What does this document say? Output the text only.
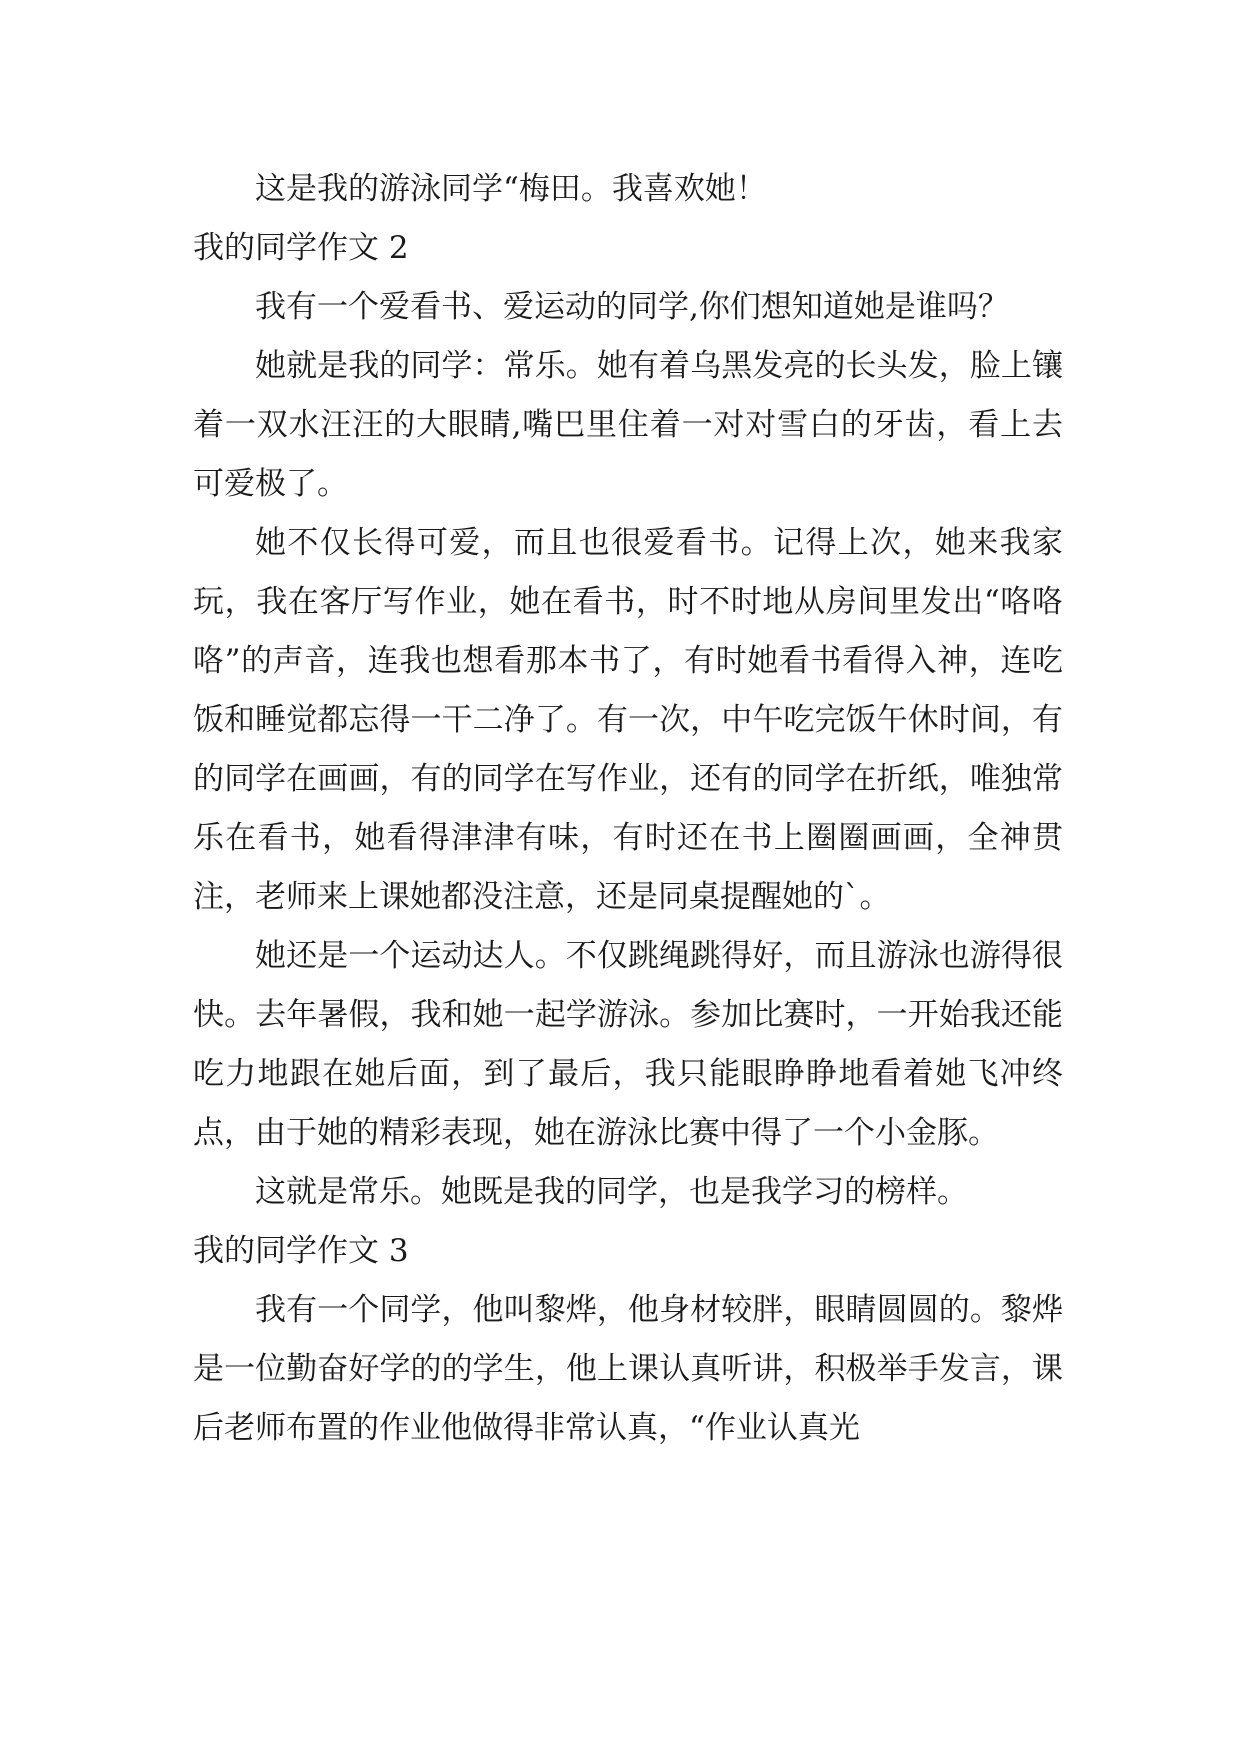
这是我的游泳同学“梅田。我喜欢她！

我的同学作文 2

我有一个爱看书、爱运动的同学,你们想知道她是谁吗？

她就是我的同学：常乐。她有着乌黑发亮的长头发，脸上镶着一双水汪汪的大眼睛,嘴巴里住着一对对雪白的牙齿，看上去可爱极了。

她不仅长得可爱，而且也很爱看书。记得上次，她来我家玩，我在客厅写作业，她在看书，时不时地从房间里发出“咯咯咯”的声音，连我也想看那本书了，有时她看书看得入神，连吃饭和睡觉都忘得一干二净了。有一次，中午吃完饭午休时间，有的同学在画画，有的同学在写作业，还有的同学在折纸，唯独常乐在看书，她看得津津有味，有时还在书上圈圈画画，全神贯注，老师来上课她都没注意，还是同桌提醒她的`。

她还是一个运动达人。不仅跳绳跳得好，而且游泳也游得很快。去年暑假，我和她一起学游泳。参加比赛时，一开始我还能吃力地跟在她后面，到了最后，我只能眼睁睁地看着她飞冲终点，由于她的精彩表现，她在游泳比赛中得了一个小金豚。

这就是常乐。她既是我的同学，也是我学习的榜样。

我的同学作文 3

我有一个同学，他叫黎烨，他身材较胖，眼睛圆圆的。黎烨是一位勤奋好学的的学生，他上课认真听讲，积极举手发言，课后老师布置的作业他做得非常认真，“作业认真光
